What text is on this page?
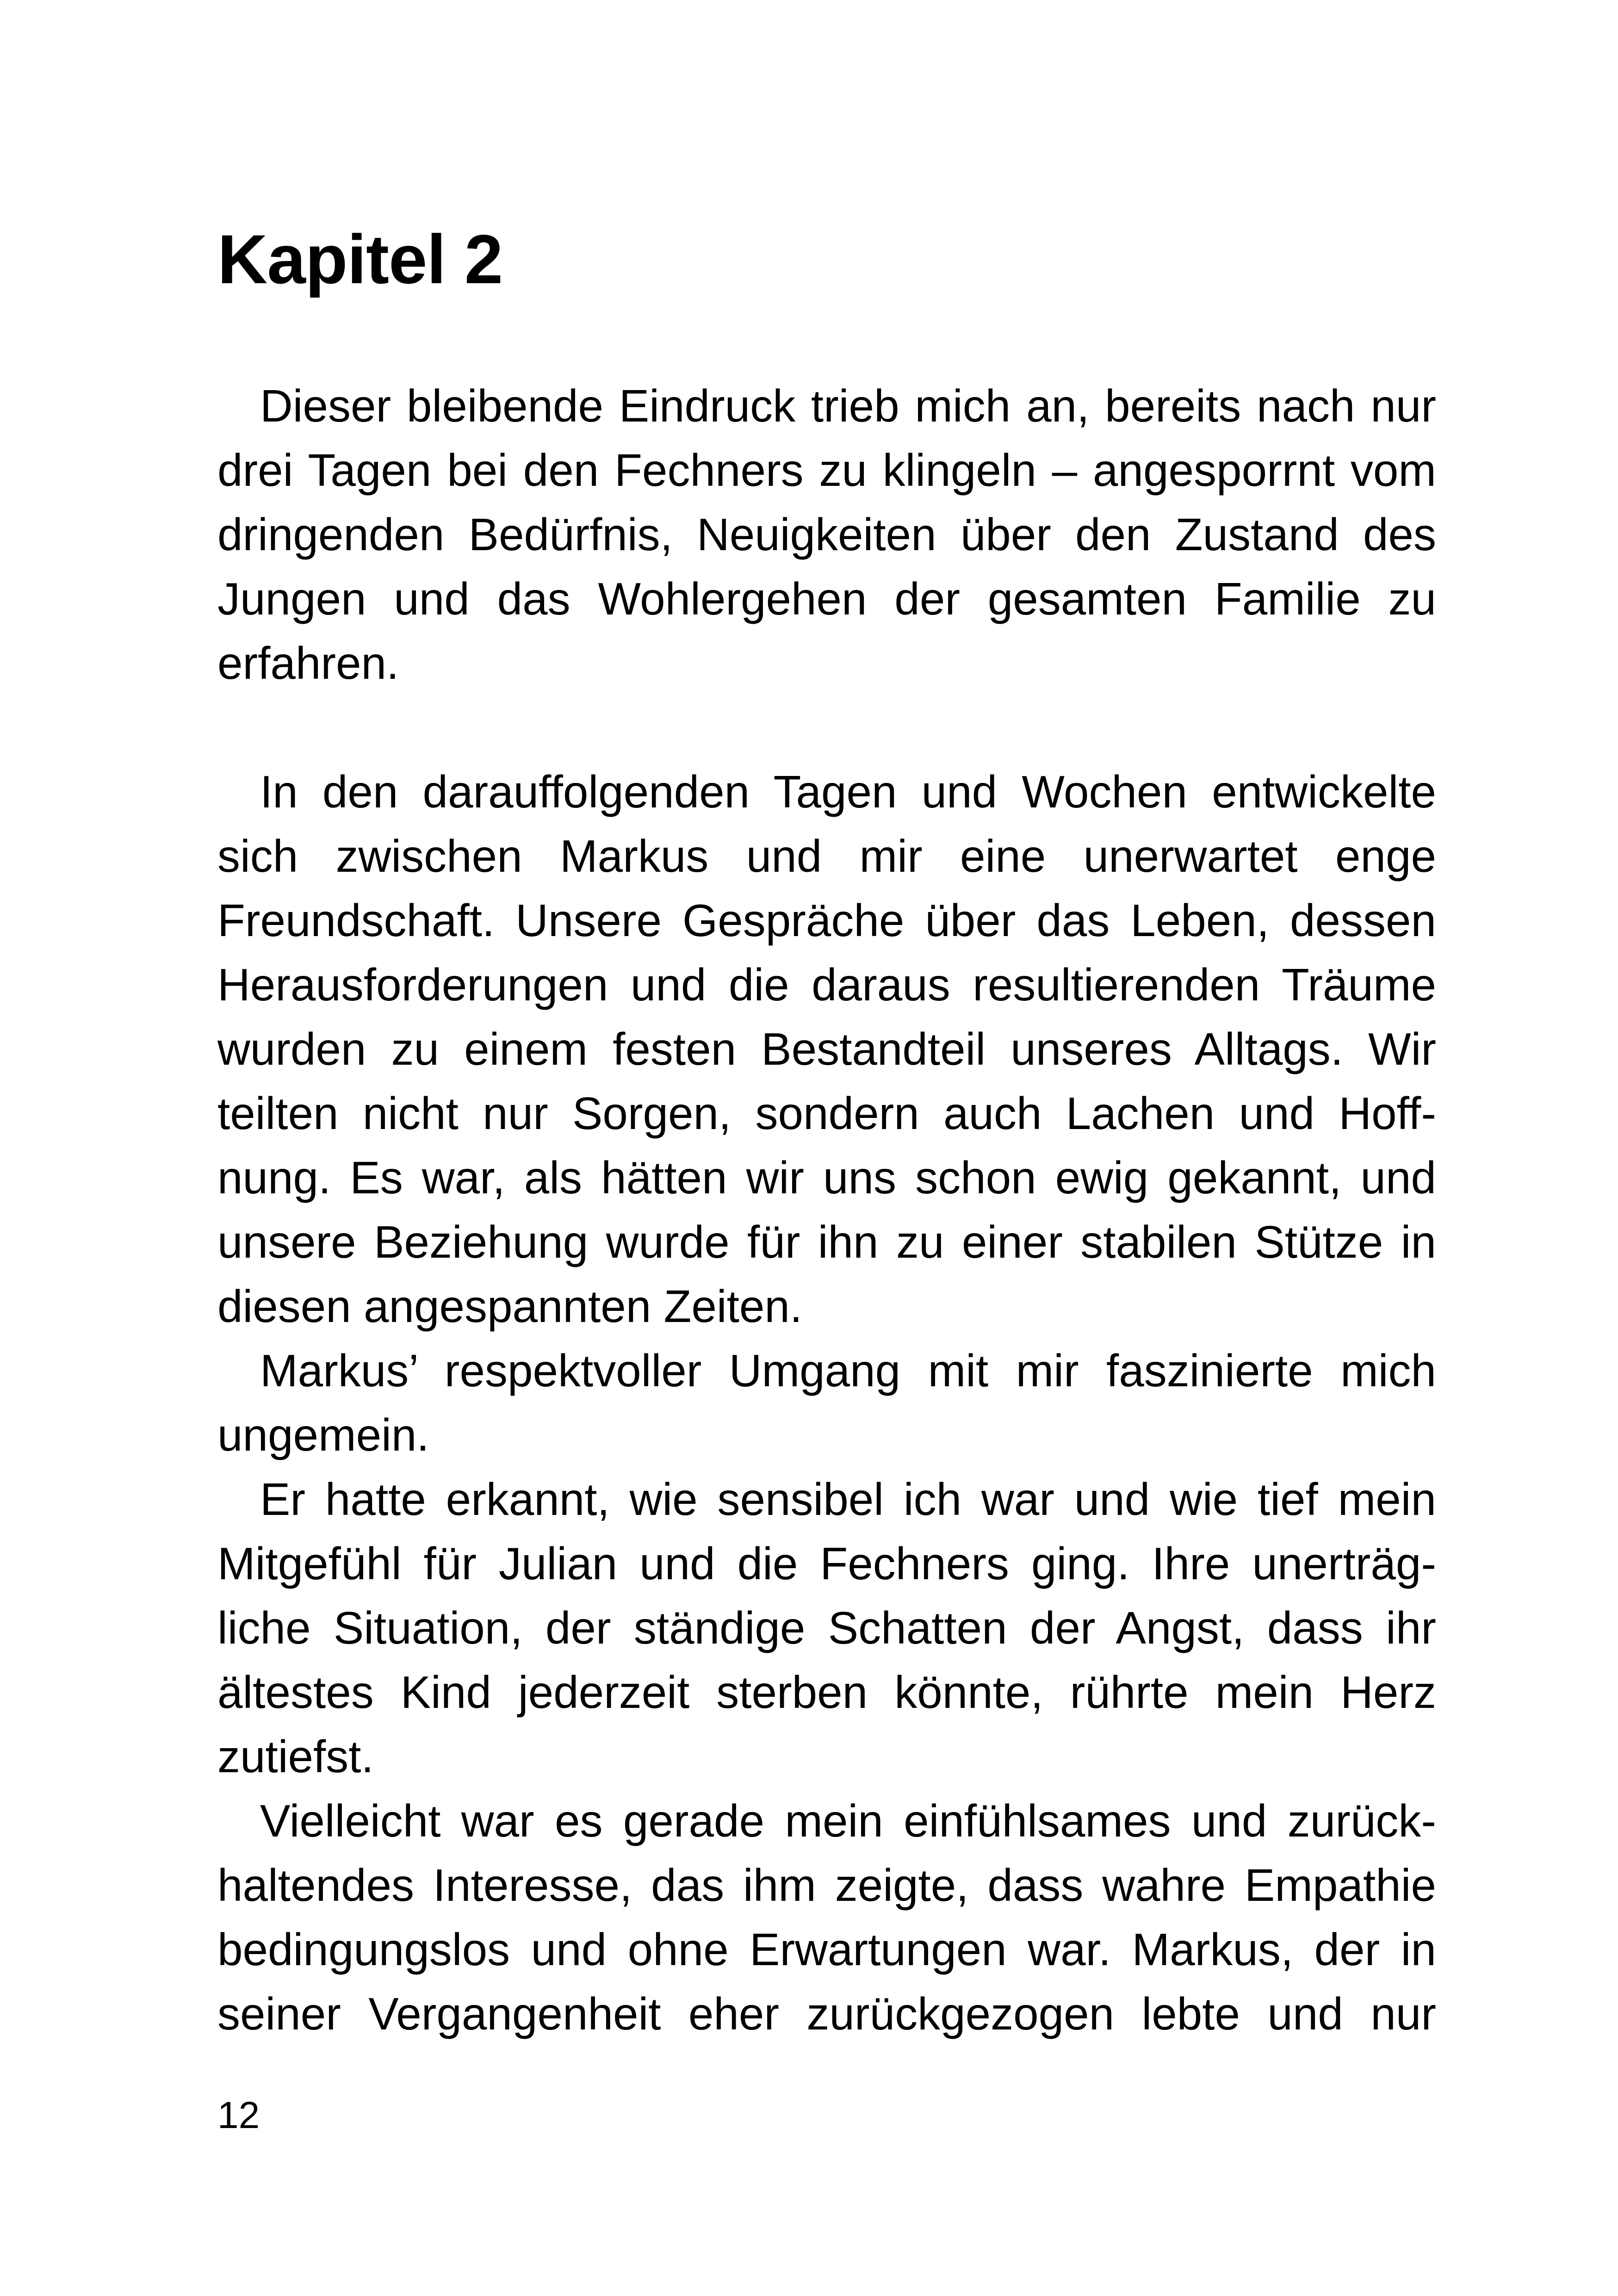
Kapitel 2
Dieser bleibende Eindruck trieb mich an, bereits nach nur
drei Tagen bei den Fechners zu klingeln – angesporrnt vom
dringenden Bedürfnis, Neuigkeiten über den Zustand des
Jungen und das Wohlergehen der gesamten Familie zu
erfahren.
In den darauffolgenden Tagen und Wochen entwickelte
sich zwischen Markus und mir eine unerwartet enge
Freundschaft. Unsere Gespräche über das Leben, dessen
Herausforderungen und die daraus resultierenden Träume
wurden zu einem festen Bestandteil unseres Alltags. Wir
teilten nicht nur Sorgen, sondern auch Lachen und Hoff-
nung. Es war, als hätten wir uns schon ewig gekannt, und
unsere Beziehung wurde für ihn zu einer stabilen Stütze in
diesen angespannten Zeiten.
Markus’ respektvoller Umgang mit mir faszinierte mich
ungemein.
Er hatte erkannt, wie sensibel ich war und wie tief mein
Mitgefühl für Julian und die Fechners ging. Ihre unerträg-
liche Situation, der ständige Schatten der Angst, dass ihr
ältestes Kind jederzeit sterben könnte, rührte mein Herz
zutiefst.
Vielleicht war es gerade mein einfühlsames und zurück-
haltendes Interesse, das ihm zeigte, dass wahre Empathie
bedingungslos und ohne Erwartungen war. Markus, der in
seiner Vergangenheit eher zurückgezogen lebte und nur
12
